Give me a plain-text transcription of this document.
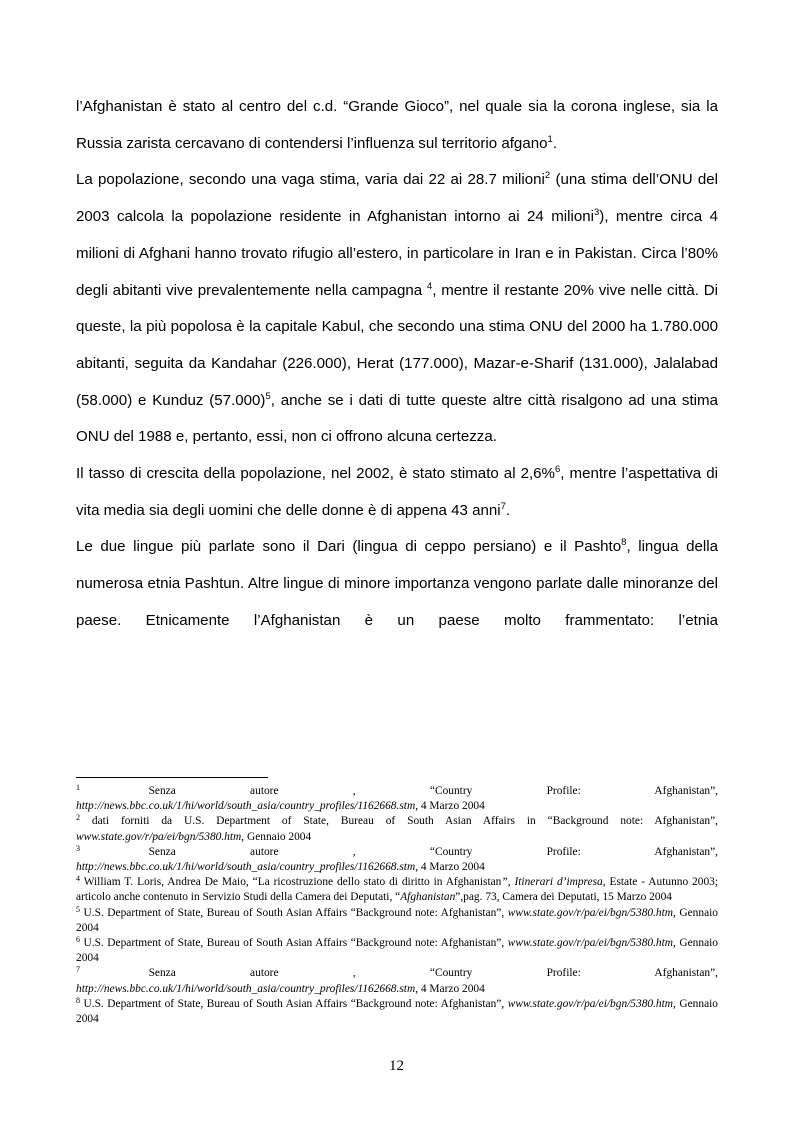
l’Afghanistan è stato al centro del c.d. “Grande Gioco”, nel quale sia la corona inglese, sia la Russia zarista cercavano di contendersi l’influenza sul territorio afgano$^1$.

La popolazione, secondo una vaga stima, varia dai 22 ai 28.7 milioni$^2$ (una stima dell’ONU del 2003 calcola la popolazione residente in Afghanistan intorno ai 24 milioni$^3$), mentre circa 4 milioni di Afghani hanno trovato rifugio all’estero, in particolare in Iran e in Pakistan. Circa l’80% degli abitanti vive prevalentemente nella campagna $^4$, mentre il restante 20% vive nelle città. Di queste, la più popolosa è la capitale Kabul, che secondo una stima ONU del 2000 ha 1.780.000 abitanti, seguita da Kandahar (226.000), Herat (177.000), Mazar-e-Sharif (131.000), Jalalabad (58.000) e Kunduz $(57.000)^5$, anche se i dati di tutte queste altre città risalgono ad una stima ONU del 1988 e, pertanto, essi, non ci offrono alcuna certezza.

Il tasso di crescita della popolazione, nel 2002, è stato stimato al 2,6%$^6$, mentre l’aspettativa di vita media sia degli uomini che delle donne è di appena 43 anni$^7$.

Le due lingue più parlate sono il Dari (lingua di ceppo persiano) e il Pashto$^8$, lingua della numerosa etnia Pashtun. Altre lingue di minore importanza vengono parlate dalle minoranze del paese. Etnicamente l’Afghanistan è un paese molto frammentato: l’etnia

$^1$ Senza  autore  ,  “Country  Profile:  Afghanistan”,
http://news.bbc.co.uk/1/hi/world/south_asia/country_profiles/1162668.stm, 4 Marzo 2004

$^2$ dati forniti da U.S. Department of State, Bureau of South Asian Affairs in “Background note: Afghanistan”, www.state.gov/r/pa/ei/bgn/5380.htm, Gennaio 2004

$^3$ Senza  autore  ,  “Country  Profile:  Afghanistan”,
http://news.bbc.co.uk/1/hi/world/south_asia/country_profiles/1162668.stm, 4 Marzo 2004

$^4$ William T. Loris, Andrea De Maio, “La ricostruzione dello stato di diritto in Afghanistan”, Itinerari d’impresa, Estate - Autunno 2003; articolo anche contenuto in Servizio Studi della Camera dei Deputati, “Afghanistan”,pag. 73, Camera dei Deputati, 15 Marzo 2004

$^5$ U.S. Department of State, Bureau of South Asian Affairs “Background note: Afghanistan”, www.state.gov/r/pa/ei/bgn/5380.htm, Gennaio 2004

$^6$ U.S. Department of State, Bureau of South Asian Affairs “Background note: Afghanistan”, www.state.gov/r/pa/ei/bgn/5380.htm, Gennaio 2004

$^7$ Senza  autore  ,  “Country  Profile:  Afghanistan”,
http://news.bbc.co.uk/1/hi/world/south_asia/country_profiles/1162668.stm, 4 Marzo 2004

$^8$ U.S. Department of State, Bureau of South Asian Affairs “Background note: Afghanistan”, www.state.gov/r/pa/ei/bgn/5380.htm, Gennaio 2004

12
